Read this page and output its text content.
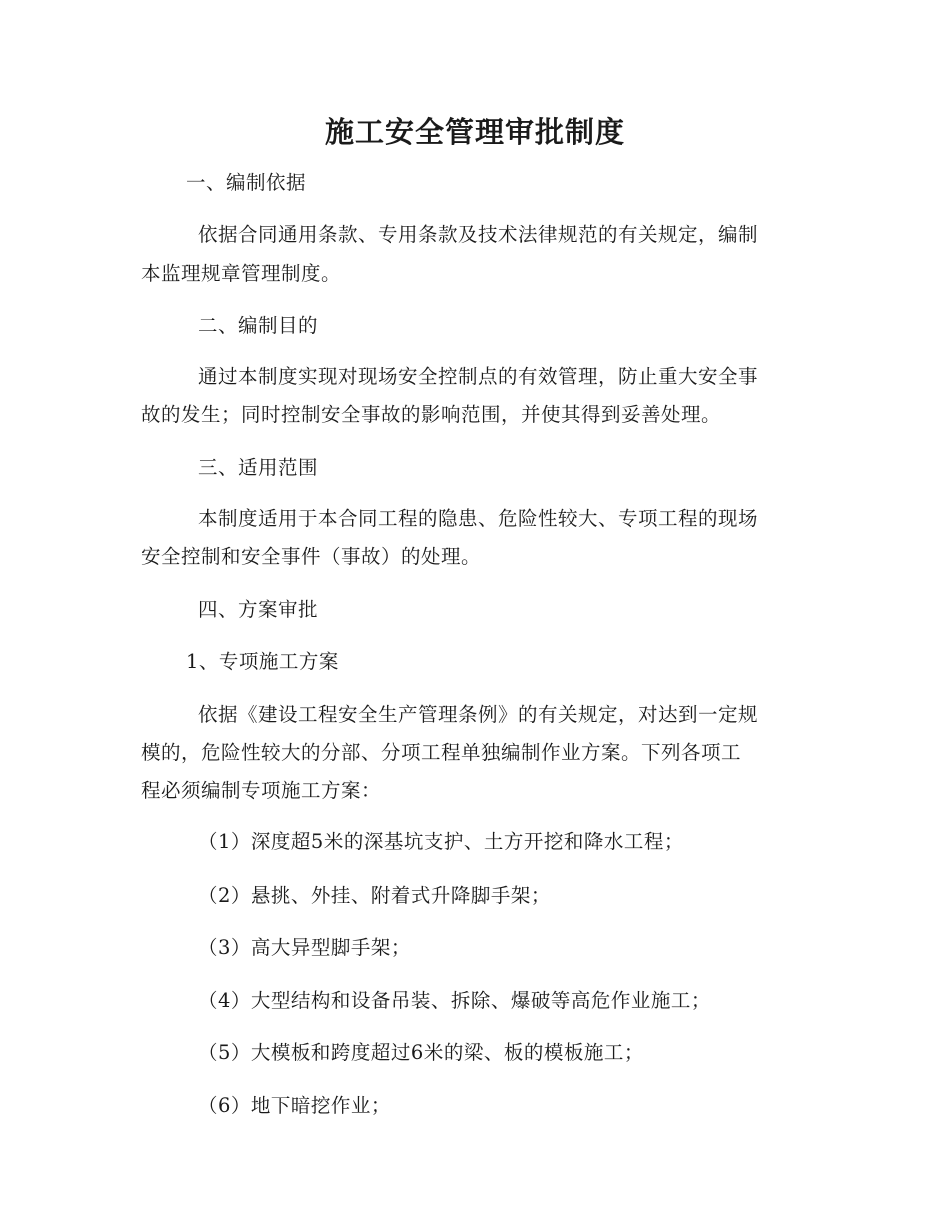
施工安全管理审批制度
一、编制依据
依据合同通用条款、专用条款及技术法律规范的有关规定，编制
本监理规章管理制度。
二、编制目的
通过本制度实现对现场安全控制点的有效管理，防止重大安全事
故的发生；同时控制安全事故的影响范围，并使其得到妥善处理。
三、适用范围
本制度适用于本合同工程的隐患、危险性较大、专项工程的现场
安全控制和安全事件（事故）的处理。
四、方案审批
1、专项施工方案
依据《建设工程安全生产管理条例》的有关规定，对达到一定规
模的，危险性较大的分部、分项工程单独编制作业方案。下列各项工
程必须编制专项施工方案：
（1）深度超5米的深基坑支护、土方开挖和降水工程；
（2）悬挑、外挂、附着式升降脚手架；
（3）高大异型脚手架；
（4）大型结构和设备吊装、拆除、爆破等高危作业施工；
（5）大模板和跨度超过6米的梁、板的模板施工；
（6）地下暗挖作业；
